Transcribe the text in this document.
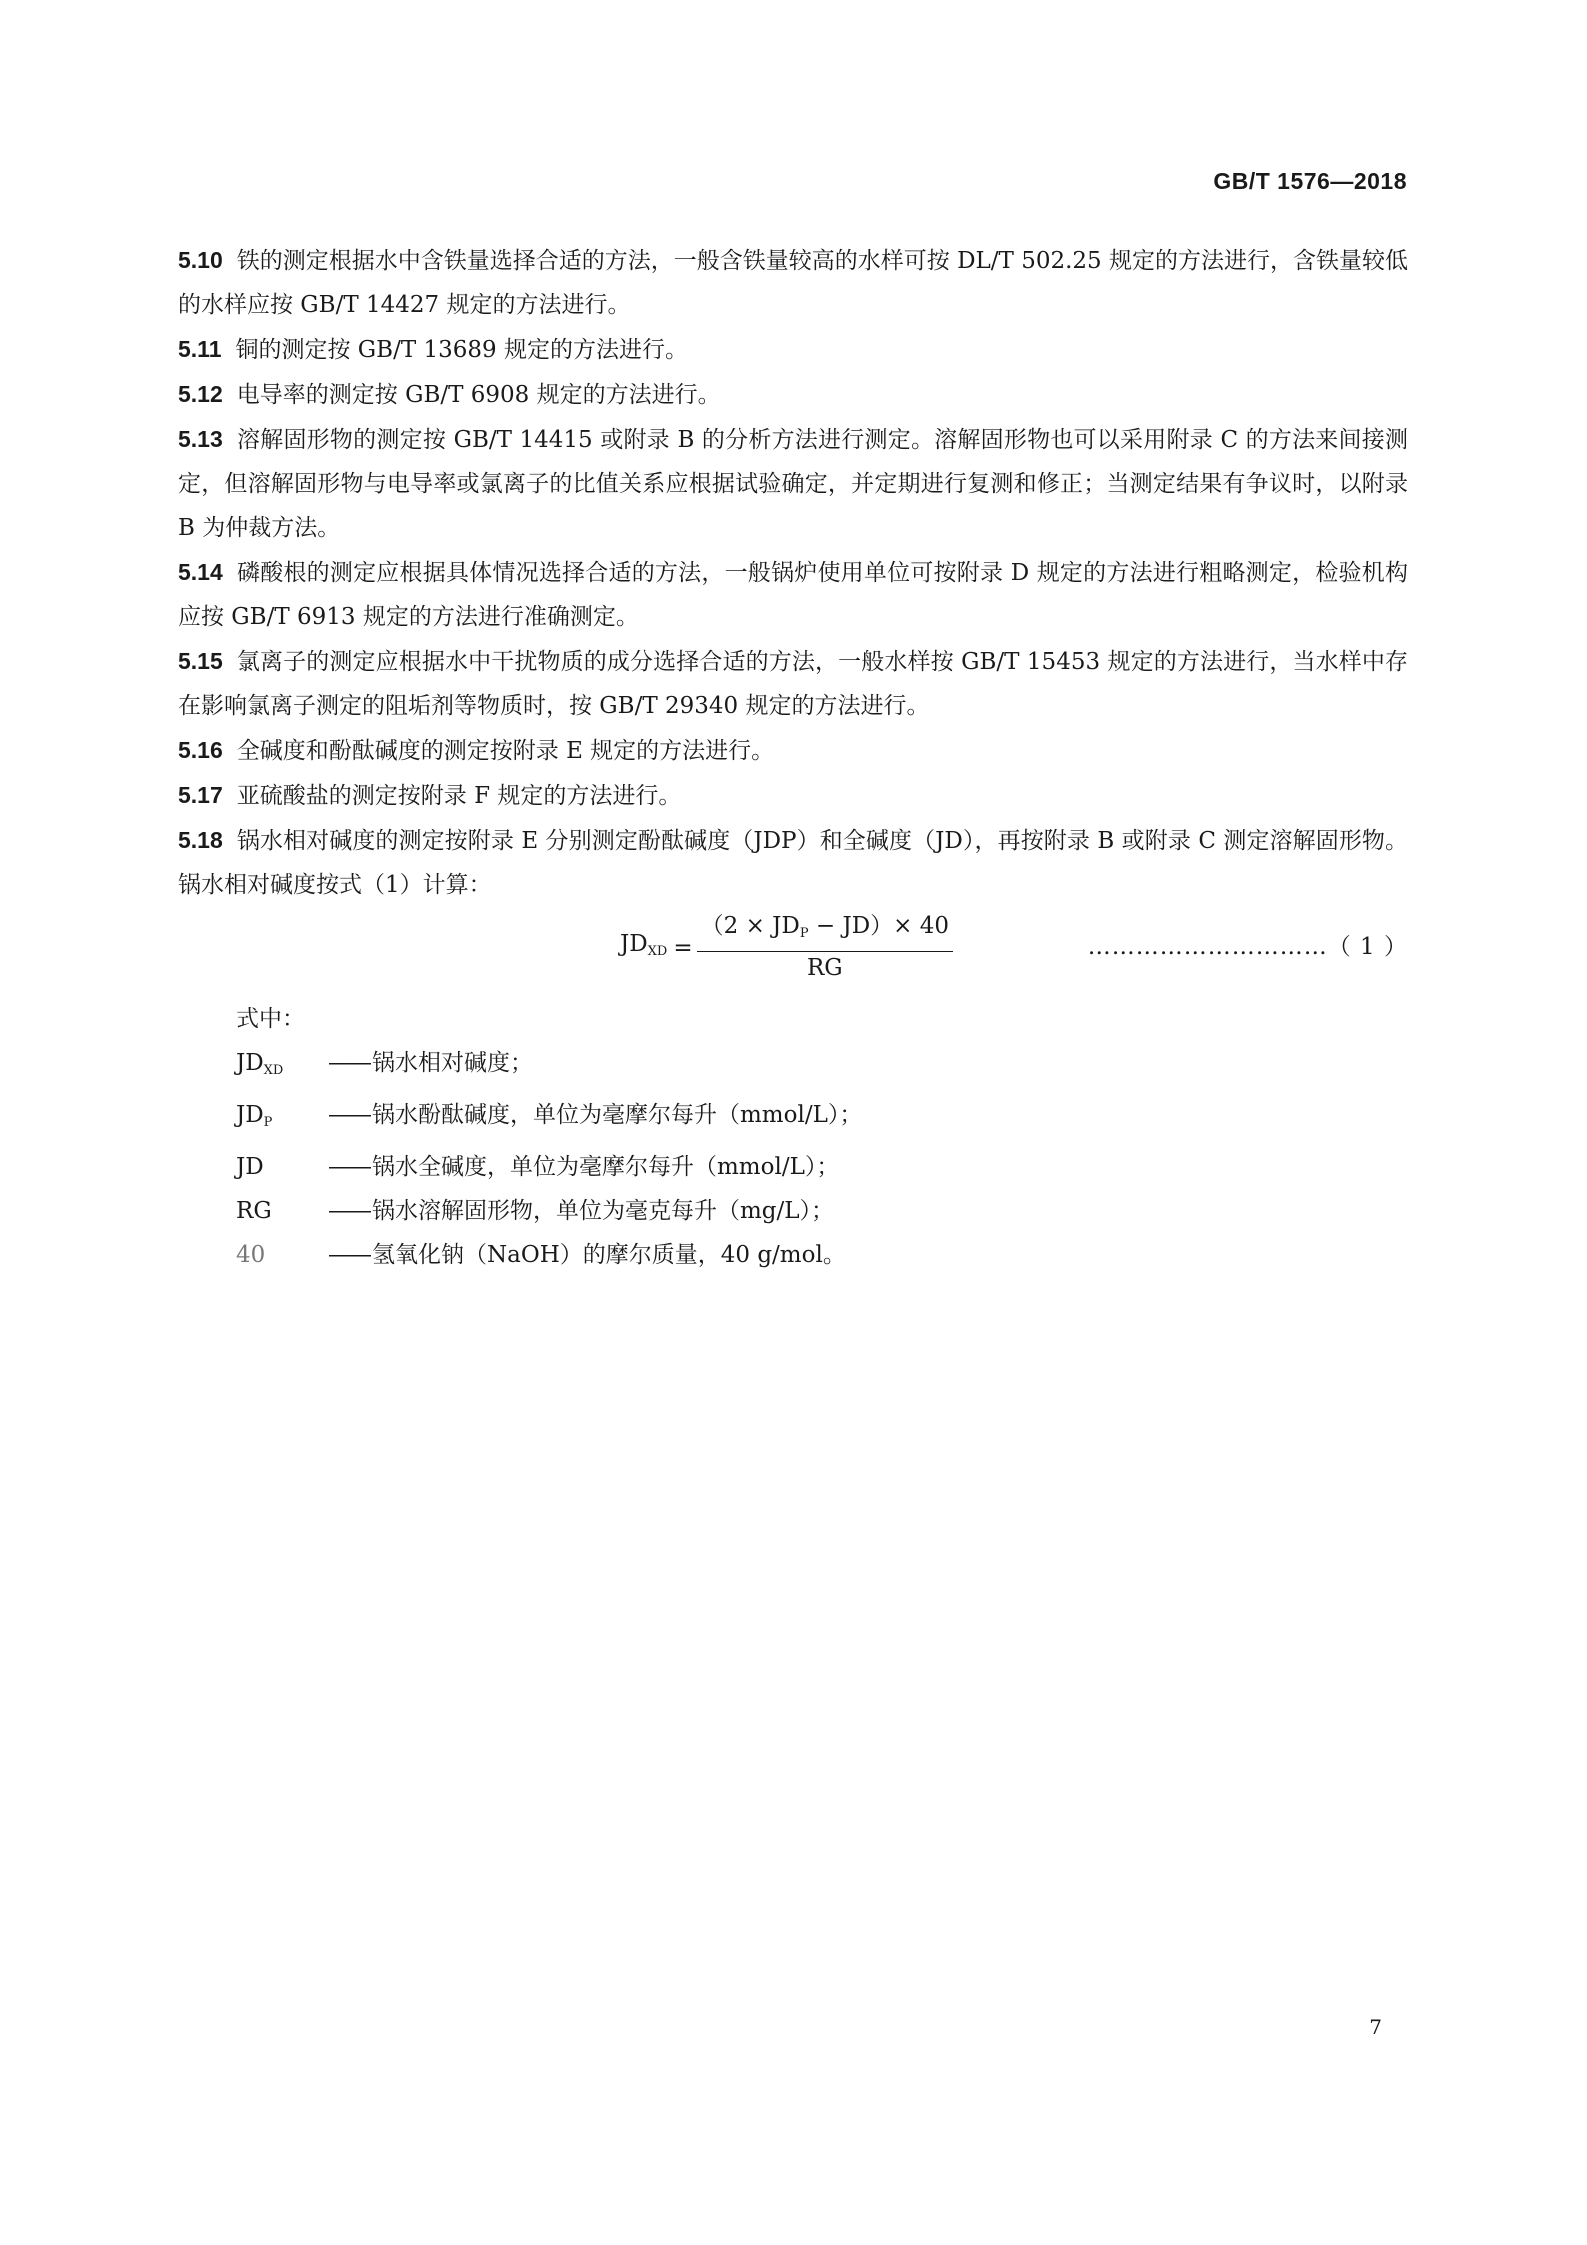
GB/T 1576—2018

5.10 铁的测定根据水中含铁量选择合适的方法，一般含铁量较高的水样可按 DL/T 502.25 规定的方法进行，含铁量较低的水样应按 GB/T 14427 规定的方法进行。

5.11 铜的测定按 GB/T 13689 规定的方法进行。

5.12 电导率的测定按 GB/T 6908 规定的方法进行。

5.13 溶解固形物的测定按 GB/T 14415 或附录 B 的分析方法进行测定。溶解固形物也可以采用附录 C 的方法来间接测定，但溶解固形物与电导率或氯离子的比值关系应根据试验确定，并定期进行复测和修正；当测定结果有争议时，以附录 B 为仲裁方法。

5.14 磷酸根的测定应根据具体情况选择合适的方法，一般锅炉使用单位可按附录 D 规定的方法进行粗略测定，检验机构应按 GB/T 6913 规定的方法进行准确测定。

5.15 氯离子的测定应根据水中干扰物质的成分选择合适的方法，一般水样按 GB/T 15453 规定的方法进行，当水样中存在影响氯离子测定的阻垢剂等物质时，按 GB/T 29340 规定的方法进行。

5.16 全碱度和酚酞碱度的测定按附录 E 规定的方法进行。

5.17 亚硫酸盐的测定按附录 F 规定的方法进行。

5.18 锅水相对碱度的测定按附录 E 分别测定酚酞碱度（JDP）和全碱度（JD），再按附录 B 或附录 C 测定溶解固形物。锅水相对碱度按式（1）计算：

$JD_{XD} = \frac{(2 \times JD_P - JD)\times 40}{RG}$	…………………………（ 1 ）
式中：
$JD_{XD}$	—— 锅水相对碱度；
$JD_P$	—— 锅水酚酞碱度，单位为毫摩尔每升（mmol/L）；
JD	—— 锅水全碱度，单位为毫摩尔每升（mmol/L）；
RG	—— 锅水溶解固形物，单位为毫克每升（mg/L）；
40	—— 氢氧化钠（NaOH）的摩尔质量，40 g/mol。
7
